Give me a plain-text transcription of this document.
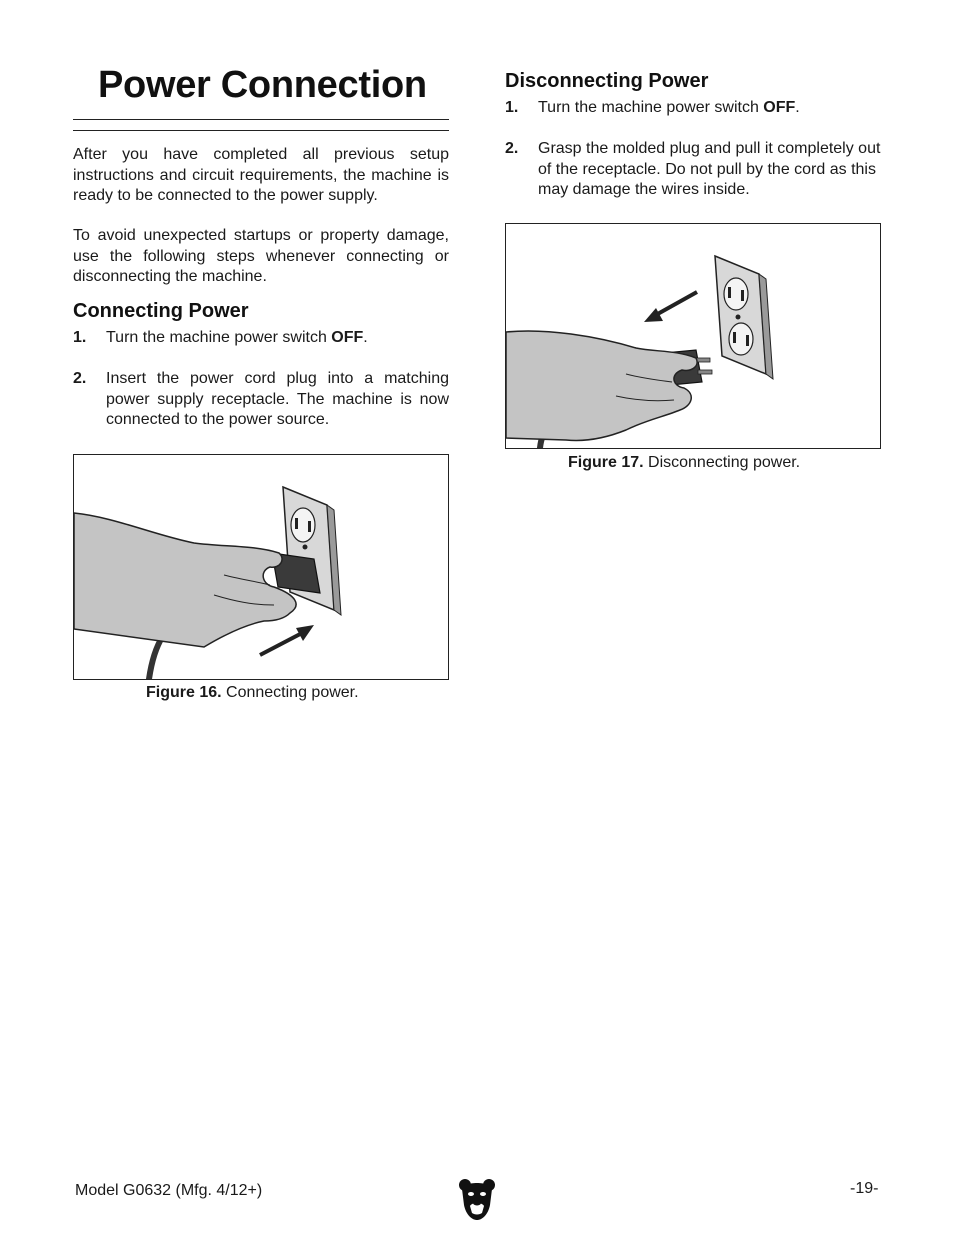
Power Connection

After you have completed all previous setup instructions and circuit requirements, the machine is ready to be connected to the power supply.

To avoid unexpected startups or property damage, use the following steps whenever connecting or disconnecting the machine.

Connecting Power
1. Turn the machine power switch OFF.
2. Insert the power cord plug into a matching power supply receptacle. The machine is now connected to the power source.
Figure 16. Connecting power.
Disconnecting Power
1. Turn the machine power switch OFF.
2. Grasp the molded plug and pull it completely out of the receptacle. Do not pull by the cord as this may damage the wires inside.
Figure 17. Disconnecting power.
Model G0632 (Mfg. 4/12+)	-19-
